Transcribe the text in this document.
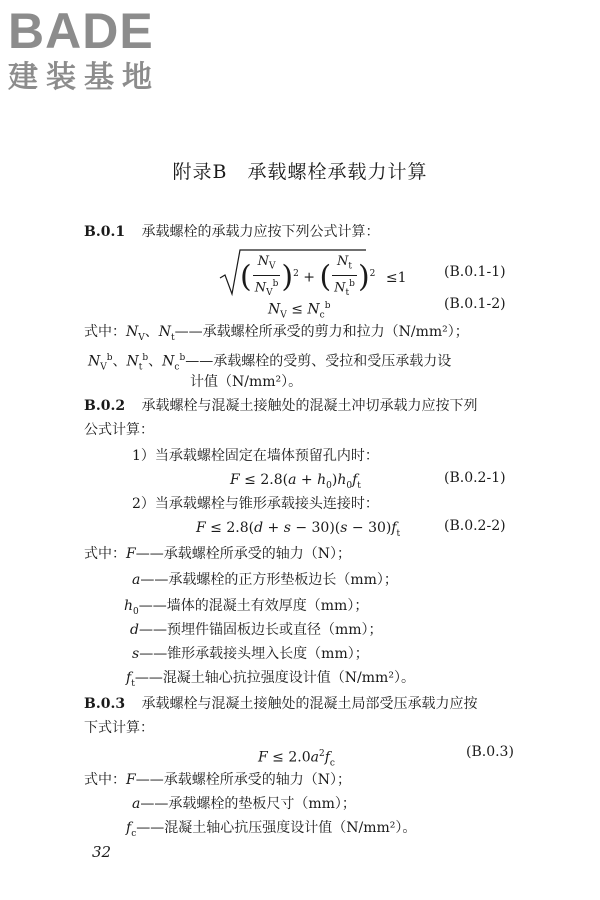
BADE
建装基地
附录B　承载螺栓承载力计算
B.0.1 承载螺栓的承载力应按下列公式计算：
( $\frac{N_V}{N_V^b} )^2$ + ( $\frac{N_t}{N_t^b} )^2 \le 1$	(B.0.1-1)
$N_V \le N_c^b$	(B.0.1-2)
式中：$N_V$、$N_t——$承载螺栓所承受的剪力和拉力（N/mm²）；
$N_V^b$、$N_t^b$、$N_c^b——$承载螺栓的受剪、受拉和受压承载力设
计值（N/mm²）。
B.0.2 承载螺栓与混凝土接触处的混凝土冲切承载力应按下列
公式计算：
1）当承载螺栓固定在墙体预留孔内时：
$F \le 2.8(a + h_0)h_0f_t$	(B.0.2-1)
2）当承载螺栓与锥形承载接头连接时：
$F \le 2.8(d + s - 30)(s - 30)f_t$	(B.0.2-2)
式中：F——承载螺栓所承受的轴力（N）；
a——承载螺栓的正方形垫板边长（mm）；
$h_0——$墙体的混凝土有效厚度（mm）；
d——预埋件锚固板边长或直径（mm）；
s——锥形承载接头埋入长度（mm）；
$f_t——$混凝土轴心抗拉强度设计值（N/mm²）。
B.0.3 承载螺栓与混凝土接触处的混凝土局部受压承载力应按
下式计算：
$F \le 2.0a^2f_c$
(B.0.3)
式中：F——承载螺栓所承受的轴力（N）；
a——承载螺栓的垫板尺寸（mm）；
$f_c——$混凝土轴心抗压强度设计值（N/mm²）。
32
